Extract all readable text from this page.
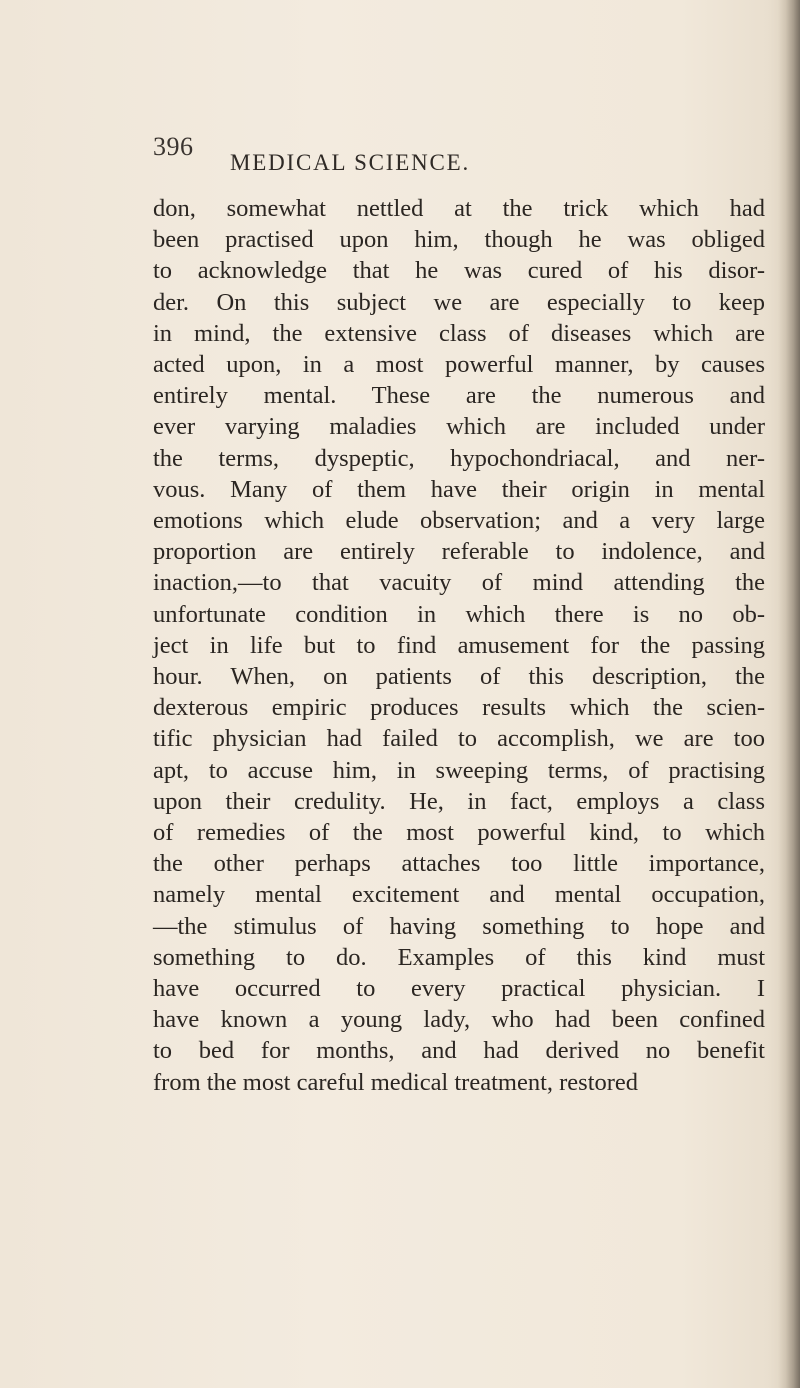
396
MEDICAL SCIENCE.
don, somewhat nettled at the trick which had
been practised upon him, though he was obliged
to acknowledge that he was cured of his disor-
der. On this subject we are especially to keep
in mind, the extensive class of diseases which are
acted upon, in a most powerful manner, by causes
entirely mental. These are the numerous and
ever varying maladies which are included under
the terms, dyspeptic, hypochondriacal, and ner-
vous. Many of them have their origin in mental
emotions which elude observation; and a very large
proportion are entirely referable to indolence, and
inaction,—to that vacuity of mind attending the
unfortunate condition in which there is no ob-
ject in life but to find amusement for the passing
hour. When, on patients of this description, the
dexterous empiric produces results which the scien-
tific physician had failed to accomplish, we are too
apt, to accuse him, in sweeping terms, of practising
upon their credulity. He, in fact, employs a class
of remedies of the most powerful kind, to which
the other perhaps attaches too little importance,
namely mental excitement and mental occupation,
—the stimulus of having something to hope and
something to do. Examples of this kind must
have occurred to every practical physician. I
have known a young lady, who had been confined
to bed for months, and had derived no benefit
from the most careful medical treatment, restored
